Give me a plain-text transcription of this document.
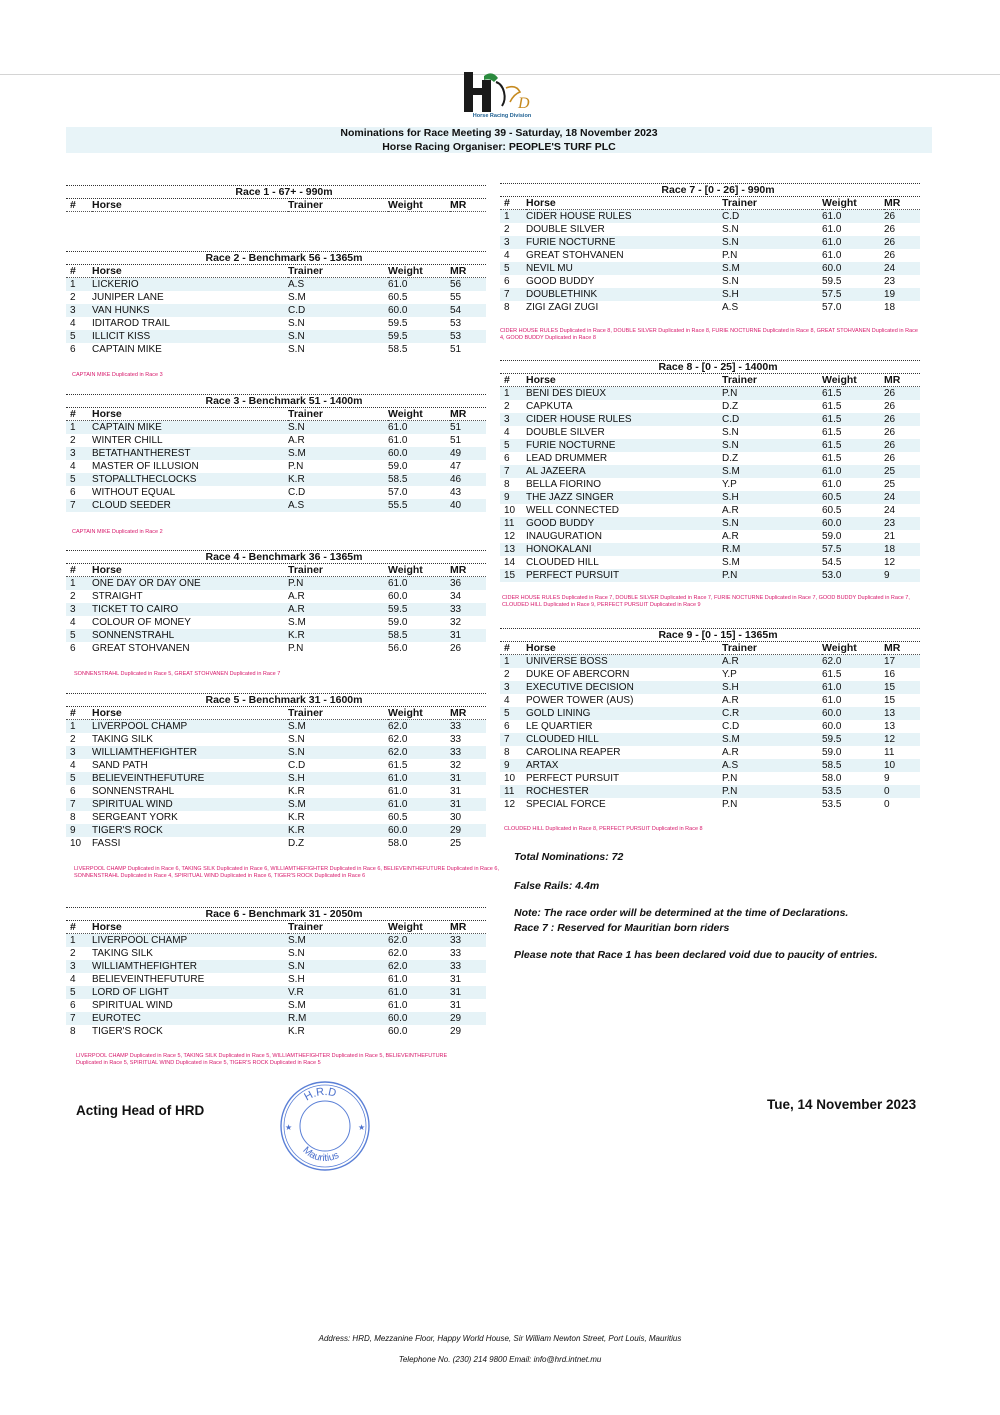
D
Horse Racing Division
Nominations for Race Meeting 39 - Saturday, 18 November 2023
Horse Racing Organiser: PEOPLE'S TURF PLC
Race 1 - 67+ - 990m
#	Horse	Trainer	Weight	MR
Race 2 - Benchmark 56 - 1365m
#	Horse	Trainer	Weight	MR
1	LICKERIO	A.S	61.0	56
2	JUNIPER LANE	S.M	60.5	55
3	VAN HUNKS	C.D	60.0	54
4	IDITAROD TRAIL	S.N	59.5	53
5	ILLICIT KISS	S.N	59.5	53
6	CAPTAIN MIKE	S.N	58.5	51
Race 3 - Benchmark 51 - 1400m
#	Horse	Trainer	Weight	MR
1	CAPTAIN MIKE	S.N	61.0	51
2	WINTER CHILL	A.R	61.0	51
3	BETATHANTHEREST	S.M	60.0	49
4	MASTER OF ILLUSION	P.N	59.0	47
5	STOPALLTHECLOCKS	K.R	58.5	46
6	WITHOUT EQUAL	C.D	57.0	43
7	CLOUD SEEDER	A.S	55.5	40
Race 4 - Benchmark 36 - 1365m
#	Horse	Trainer	Weight	MR
1	ONE DAY OR DAY ONE	P.N	61.0	36
2	STRAIGHT	A.R	60.0	34
3	TICKET TO CAIRO	A.R	59.5	33
4	COLOUR OF MONEY	S.M	59.0	32
5	SONNENSTRAHL	K.R	58.5	31
6	GREAT STOHVANEN	P.N	56.0	26
Race 5 - Benchmark 31 - 1600m
#	Horse	Trainer	Weight	MR
1	LIVERPOOL CHAMP	S.M	62.0	33
2	TAKING SILK	S.N	62.0	33
3	WILLIAMTHEFIGHTER	S.N	62.0	33
4	SAND PATH	C.D	61.5	32
5	BELIEVEINTHEFUTURE	S.H	61.0	31
6	SONNENSTRAHL	K.R	61.0	31
7	SPIRITUAL WIND	S.M	61.0	31
8	SERGEANT YORK	K.R	60.5	30
9	TIGER'S ROCK	K.R	60.0	29
10	FASSI	D.Z	58.0	25
Race 6 - Benchmark 31 - 2050m
#	Horse	Trainer	Weight	MR
1	LIVERPOOL CHAMP	S.M	62.0	33
2	TAKING SILK	S.N	62.0	33
3	WILLIAMTHEFIGHTER	S.N	62.0	33
4	BELIEVEINTHEFUTURE	S.H	61.0	31
5	LORD OF LIGHT	V.R	61.0	31
6	SPIRITUAL WIND	S.M	61.0	31
7	EUROTEC	R.M	60.0	29
8	TIGER'S ROCK	K.R	60.0	29
Race 7 - [0 - 26] - 990m
#	Horse	Trainer	Weight	MR
1	CIDER HOUSE RULES	C.D	61.0	26
2	DOUBLE SILVER	S.N	61.0	26
3	FURIE NOCTURNE	S.N	61.0	26
4	GREAT STOHVANEN	P.N	61.0	26
5	NEVIL MU	S.M	60.0	24
6	GOOD BUDDY	S.N	59.5	23
7	DOUBLETHINK	S.H	57.5	19
8	ZIGI ZAGI ZUGI	A.S	57.0	18
Race 8 - [0 - 25] - 1400m
#	Horse	Trainer	Weight	MR
1	BENI DES DIEUX	P.N	61.5	26
2	CAPKUTA	D.Z	61.5	26
3	CIDER HOUSE RULES	C.D	61.5	26
4	DOUBLE SILVER	S.N	61.5	26
5	FURIE NOCTURNE	S.N	61.5	26
6	LEAD DRUMMER	D.Z	61.5	26
7	AL JAZEERA	S.M	61.0	25
8	BELLA FIORINO	Y.P	61.0	25
9	THE JAZZ SINGER	S.H	60.5	24
10	WELL CONNECTED	A.R	60.5	24
11	GOOD BUDDY	S.N	60.0	23
12	INAUGURATION	A.R	59.0	21
13	HONOKALANI	R.M	57.5	18
14	CLOUDED HILL	S.M	54.5	12
15	PERFECT PURSUIT	P.N	53.0	9
Race 9 - [0 - 15] - 1365m
#	Horse	Trainer	Weight	MR
1	UNIVERSE BOSS	A.R	62.0	17
2	DUKE OF ABERCORN	Y.P	61.5	16
3	EXECUTIVE DECISION	S.H	61.0	15
4	POWER TOWER (AUS)	A.R	61.0	15
5	GOLD LINING	C.R	60.0	13
6	LE QUARTIER	C.D	60.0	13
7	CLOUDED HILL	S.M	59.5	12
8	CAROLINA REAPER	A.R	59.0	11
9	ARTAX	A.S	58.5	10
10	PERFECT PURSUIT	P.N	58.0	9
11	ROCHESTER	P.N	53.5	0
12	SPECIAL FORCE	P.N	53.5	0
CAPTAIN MIKE Duplicated in Race 3
CAPTAIN MIKE Duplicated in Race 2
SONNENSTRAHL Duplicated in Race 5, GREAT STOHVANEN Duplicated in Race 7
LIVERPOOL CHAMP Duplicated in Race 6, TAKING SILK Duplicated in Race 6, WILLIAMTHEFIGHTER Duplicated in Race 6, BELIEVEINTHEFUTURE Duplicated in Race 6, SONNENSTRAHL Duplicated in Race 4, SPIRITUAL WIND Duplicated in Race 6, TIGER'S ROCK Duplicated in Race 6
LIVERPOOL CHAMP Duplicated in Race 5, TAKING SILK Duplicated in Race 5, WILLIAMTHEFIGHTER Duplicated in Race 5, BELIEVEINTHEFUTURE Duplicated in Race 5, SPIRITUAL WIND Duplicated in Race 5, TIGER'S ROCK Duplicated in Race 5
CIDER HOUSE RULES Duplicated in Race 8, DOUBLE SILVER Duplicated in Race 8, FURIE NOCTURNE Duplicated in Race 8, GREAT STOHVANEN Duplicated in Race 4, GOOD BUDDY Duplicated in Race 8
CIDER HOUSE RULES Duplicated in Race 7, DOUBLE SILVER Duplicated in Race 7, FURIE NOCTURNE Duplicated in Race 7, GOOD BUDDY Duplicated in Race 7, CLOUDED HILL Duplicated in Race 9, PERFECT PURSUIT Duplicated in Race 9
CLOUDED HILL Duplicated in Race 8, PERFECT PURSUIT Duplicated in Race 8
Total Nominations: 72
False Rails: 4.4m
Note: The race order will be determined at the time of Declarations.
Race 7 : Reserved for Mauritian born riders
Please note that Race 1 has been declared void due to paucity of entries.
Acting Head of HRD	Tue, 14 November 2023
H.R.D
Mauritius
★	★
Address: HRD, Mezzanine Floor, Happy World House, Sir William Newton Street, Port Louis, Mauritius
Telephone No. (230) 214 9800 Email: info@hrd.intnet.mu
